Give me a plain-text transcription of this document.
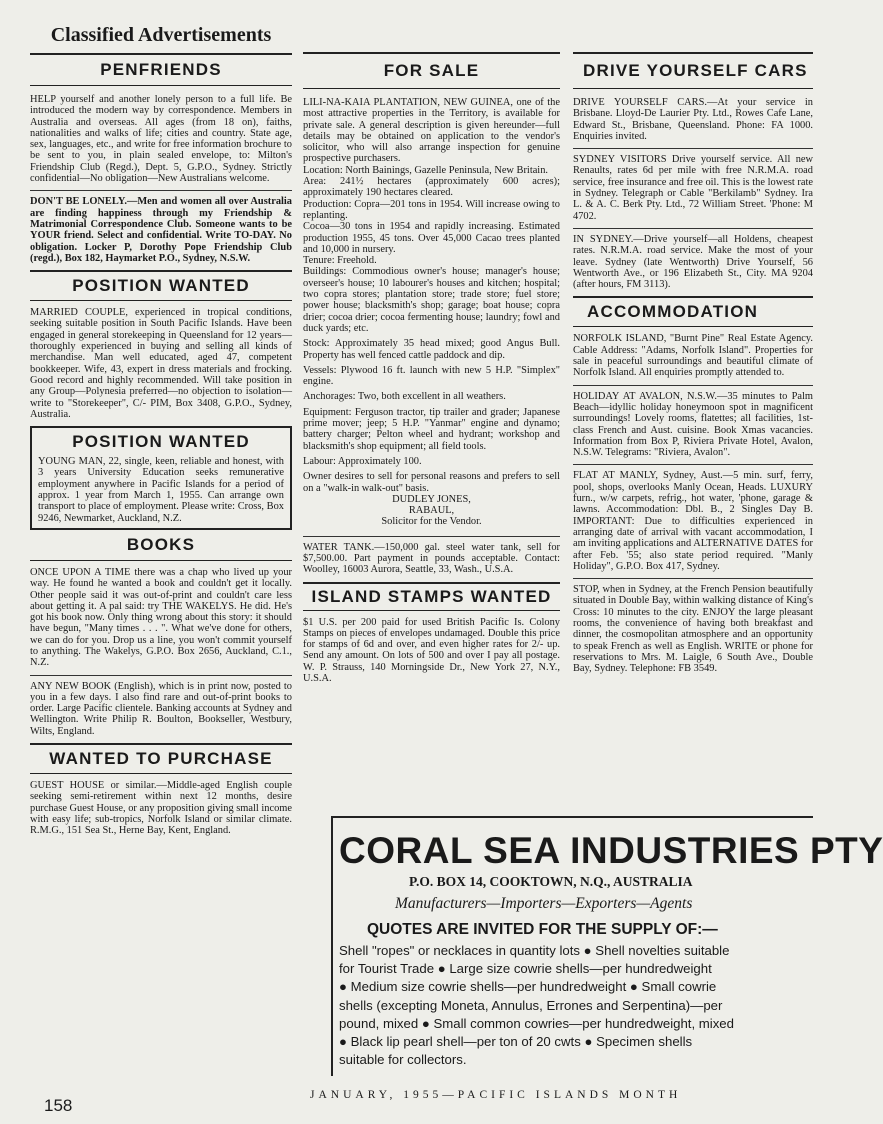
Classified Advertisements
PENFRIENDS

HELP yourself and another lonely person to a full life. Be introduced the modern way by correspondence. Members in Australia and overseas. All ages (from 18 on), faiths, nationalities and walks of life; cities and country. State age, sex, languages, etc., and write for free information brochure to be sent to you, in plain sealed envelope, to: Milton's Friendship Club (Regd.), Dept. 5, G.P.O., Sydney. Strictly confidential—No obligation—New Australians welcome.

DON'T BE LONELY.—Men and women all over Australia are finding happiness through my Friendship & Matrimonial Correspondence Club. Someone wants to be YOUR friend. Select and confidential. Write TO-DAY. No obligation. Locker P, Dorothy Pope Friendship Club (regd.), Box 182, Haymarket P.O., Sydney, N.S.W.

POSITION WANTED

MARRIED COUPLE, experienced in tropical conditions, seeking suitable position in South Pacific Islands. Have been engaged in general storekeeping in Queensland for 12 years—thoroughly experienced in buying and selling all kinds of merchandise. Man well educated, aged 47, competent bookkeeper. Wife, 43, expert in dress materials and frocking. Good record and highly recommended. Will take position in any Group—Polynesia preferred—no objection to isolation—write to "Storekeeper", C/- PIM, Box 3408, G.P.O., Sydney, Australia.

POSITION WANTED

YOUNG MAN, 22, single, keen, reliable and honest, with 3 years University Education seeks remunerative employment anywhere in Pacific Islands for a period of approx. 1 year from March 1, 1955. Can arrange own transport to place of employment. Please write: Cross, Box 9246, Newmarket, Auckland, N.Z.

BOOKS

ONCE UPON A TIME there was a chap who lived up your way. He found he wanted a book and couldn't get it locally. Other people said it was out-of-print and couldn't care less about getting it. A pal said: try THE WAKELYS. He did. He's got his book now. Only thing wrong about this story: it should have begun, "Many times . . . ". What we've done for others, we can do for you. Drop us a line, you won't commit yourself to anything. The Wakelys, G.P.O. Box 2656, Auckland, C.1., N.Z.

ANY NEW BOOK (English), which is in print now, posted to you in a few days. I also find rare and out-of-print books to order. Large Pacific clientele. Banking accounts at Sydney and Wellington. Write Philip R. Boulton, Bookseller, Westbury, Wilts, England.

WANTED TO PURCHASE

GUEST HOUSE or similar.—Middle-aged English couple seeking semi-retirement within next 12 months, desire purchase Guest House, or any proposition giving small income with easy life; sub-tropics, Norfolk Island or similar climate. R.M.G., 151 Sea St., Herne Bay, Kent, England.

FOR SALE

LILI-NA-KAIA PLANTATION, NEW GUINEA, one of the most attractive properties in the Territory, is available for private sale. A general description is given hereunder—full details may be obtained on application to the vendor's solicitor, who will also arrange inspection for genuine prospective purchasers.

Location: North Bainings, Gazelle Peninsula, New Britain.

Area: 241½ hectares (approximately 600 acres); approximately 190 hectares cleared.

Production: Copra—201 tons in 1954. Will increase owing to replanting.

Cocoa—30 tons in 1954 and rapidly increasing. Estimated production 1955, 45 tons. Over 45,000 Cacao trees planted and 10,000 in nursery.

Tenure: Freehold.

Buildings: Commodious owner's house; manager's house; overseer's house; 10 labourer's houses and kitchen; hospital; two copra stores; plantation store; trade store; fuel store; power house; blacksmith's shop; garage; boat house; copra drier; cocoa drier; cocoa fermenting house; laundry; fowl and duck yards; etc.

Stock: Approximately 35 head mixed; good Angus Bull. Property has well fenced cattle paddock and dip.

Vessels: Plywood 16 ft. launch with new 5 H.P. "Simplex" engine.

Anchorages: Two, both excellent in all weathers.

Equipment: Ferguson tractor, tip trailer and grader; Japanese prime mover; jeep; 5 H.P. "Yanmar" engine and dynamo; battery charger; Pelton wheel and hydrant; workshop and blacksmith's shop equipment; all field tools.

Labour: Approximately 100.

Owner desires to sell for personal reasons and prefers to sell on a "walk-in walk-out" basis.

DUDLEY JONES,

RABAUL,

Solicitor for the Vendor.

WATER TANK.—150,000 gal. steel water tank, sell for $7,500.00. Part payment in pounds acceptable. Contact: Woolley, 16003 Aurora, Seattle, 33, Wash., U.S.A.

ISLAND STAMPS WANTED

$1 U.S. per 200 paid for used British Pacific Is. Colony Stamps on pieces of envelopes undamaged. Double this price for stamps of 6d and over, and even higher rates for 2/- up. Send any amount. On lots of 500 and over I pay all postage. W. P. Strauss, 140 Morningside Dr., New York 27, N.Y., U.S.A.

DRIVE YOURSELF CARS

DRIVE YOURSELF CARS.—At your service in Brisbane. Lloyd-De Laurier Pty. Ltd., Rowes Cafe Lane, Edward St., Brisbane, Queensland. Phone: FA 1000. Enquiries invited.

SYDNEY VISITORS Drive yourself service. All new Renaults, rates 6d per mile with free N.R.M.A. road service, free insurance and free oil. This is the lowest rate in Sydney. Telegraph or Cable "Berkilamb" Sydney. Ira L. & A. C. Berk Pty. Ltd., 72 William Street. 'Phone: M 4702.

IN SYDNEY.—Drive yourself—all Holdens, cheapest rates. N.R.M.A. road service. Make the most of your leave. Sydney (late Wentworth) Drive Yourself, 56 Wentworth Ave., or 196 Elizabeth St., City. MA 9204 (after hours, FM 3113).

ACCOMMODATION

NORFOLK ISLAND, "Burnt Pine" Real Estate Agency. Cable Address: "Adams, Norfolk Island". Properties for sale in peaceful surroundings and beautiful climate of Norfolk Island. All enquiries promptly attended to.

HOLIDAY AT AVALON, N.S.W.—35 minutes to Palm Beach—idyllic holiday honeymoon spot in magnificent surroundings! Lovely rooms, flatettes; all facilities, 1st-class French and Aust. cuisine. Book Xmas vacancies. Information from Box P, Riviera Private Hotel, Avalon, N.S.W. Telegrams: "Riviera, Avalon".

FLAT AT MANLY, Sydney, Aust.—5 min. surf, ferry, pool, shops, overlooks Manly Ocean, Heads. LUXURY furn., w/w carpets, refrig., hot water, 'phone, garage & lawns. Accommodation: Dbl. B., 2 Singles Day B. IMPORTANT: Due to difficulties experienced in arranging date of arrival with vacant accommodation, I am inviting applications and ALTERNATIVE DATES for after Feb. '55; also state period required. "Manly Holiday", G.P.O. Box 417, Sydney.

STOP, when in Sydney, at the French Pension beautifully situated in Double Bay, within walking distance of King's Cross: 10 minutes to the city. ENJOY the large pleasant rooms, the convenience of having both breakfast and dinner, the cosmopolitan atmosphere and an opportunity to speak French as well as English. WRITE or phone for reservations to Mrs. M. Laigle, 6 South Ave., Double Bay, Sydney. Telephone: FB 3549.

CORAL SEA INDUSTRIES PTY
P.O. BOX 14, COOKTOWN, N.Q., AUSTRALIA
Manufacturers—Importers—Exporters—Agents
QUOTES ARE INVITED FOR THE SUPPLY OF:—
Shell "ropes" or necklaces in quantity lots ● Shell novelties suitable
for Tourist Trade ● Large size cowrie shells—per hundredweight
● Medium size cowrie shells—per hundredweight ● Small cowrie
shells (excepting Moneta, Annulus, Errones and Serpentina)—per
pound, mixed ● Small common cowries—per hundredweight, mixed
● Black lip pearl shell—per ton of 20 cwts ● Specimen shells
suitable for collectors.
158
JANUARY, 1955—PACIFIC ISLANDS MONTH
